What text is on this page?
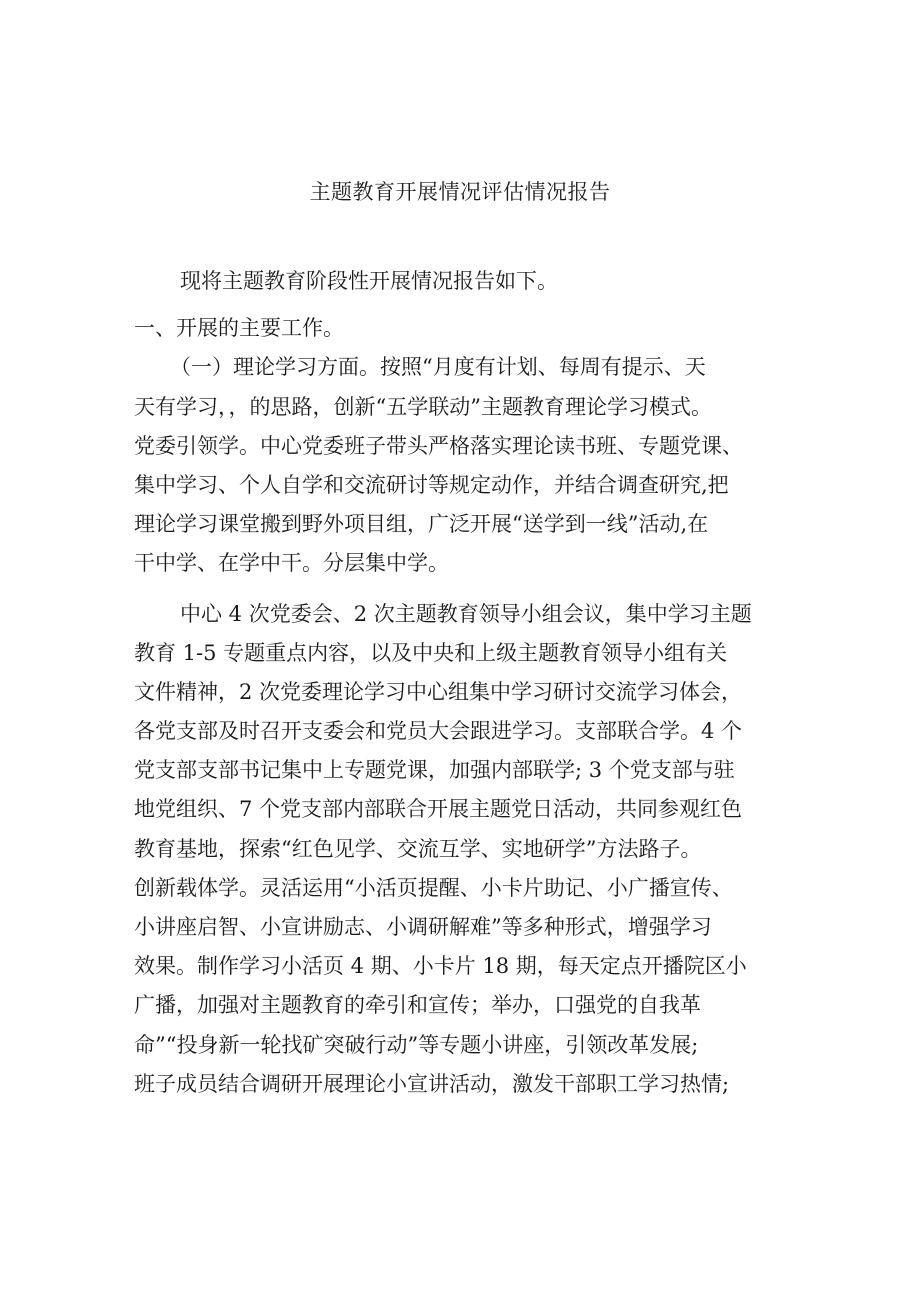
主题教育开展情况评估情况报告
现将主题教育阶段性开展情况报告如下。
一、开展的主要工作。
（一）理论学习方面。按照“月度有计划、每周有提示、天
天有学习，，的思路，创新“五学联动”主题教育理论学习模式。
党委引领学。中心党委班子带头严格落实理论读书班、专题党课、
集中学习、个人自学和交流研讨等规定动作，并结合调查研究,把
理论学习课堂搬到野外项目组，广泛开展“送学到一线”活动,在
干中学、在学中干。分层集中学。
中心 4 次党委会、2 次主题教育领导小组会议，集中学习主题
教育 1-5 专题重点内容，以及中央和上级主题教育领导小组有关
文件精神，2 次党委理论学习中心组集中学习研讨交流学习体会，
各党支部及时召开支委会和党员大会跟进学习。支部联合学。4 个
党支部支部书记集中上专题党课，加强内部联学; 3 个党支部与驻
地党组织、7 个党支部内部联合开展主题党日活动，共同参观红色
教育基地，探索“红色见学、交流互学、实地研学”方法路子。
创新载体学。灵活运用“小活页提醒、小卡片助记、小广播宣传、
小讲座启智、小宣讲励志、小调研解难”等多种形式，增强学习
效果。制作学习小活页 4 期、小卡片 18 期，每天定点开播院区小
广播，加强对主题教育的牵引和宣传；举办，口强党的自我革
命”“投身新一轮找矿突破行动”等专题小讲座，引领改革发展;
班子成员结合调研开展理论小宣讲活动，激发干部职工学习热情;
